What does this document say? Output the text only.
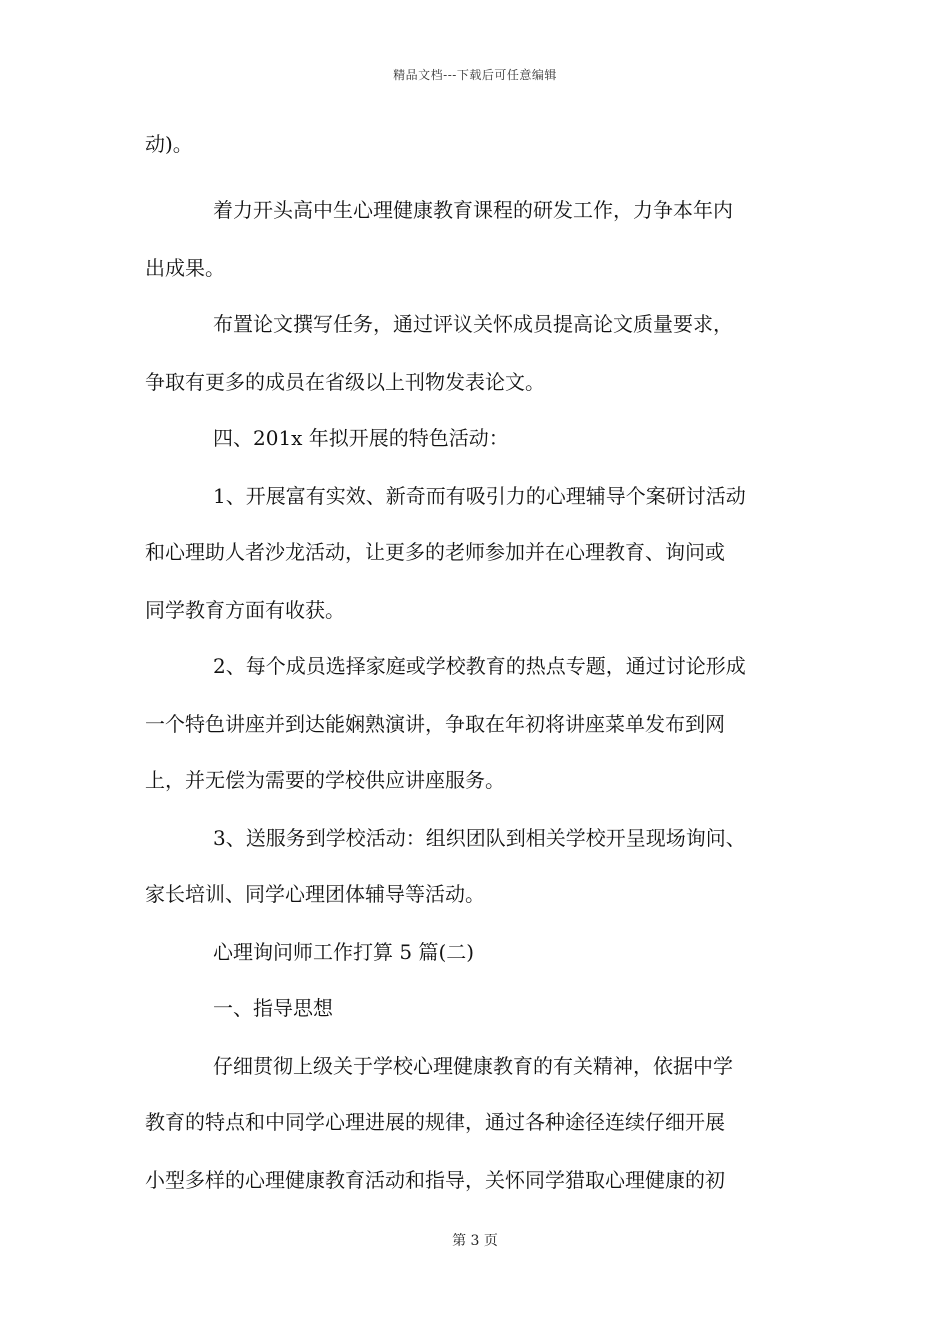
精品文档---下载后可任意编辑
动)。
着力开头高中生心理健康教育课程的研发工作，力争本年内
出成果。
布置论文撰写任务，通过评议关怀成员提高论文质量要求，
争取有更多的成员在省级以上刊物发表论文。
四、201x 年拟开展的特色活动：
1、开展富有实效、新奇而有吸引力的心理辅导个案研讨活动
和心理助人者沙龙活动，让更多的老师参加并在心理教育、询问或
同学教育方面有收获。
2、每个成员选择家庭或学校教育的热点专题，通过讨论形成
一个特色讲座并到达能娴熟演讲，争取在年初将讲座菜单发布到网
上，并无偿为需要的学校供应讲座服务。
3、送服务到学校活动：组织团队到相关学校开呈现场询问、
家长培训、同学心理团体辅导等活动。
心理询问师工作打算 5 篇(二)
一、指导思想
仔细贯彻上级关于学校心理健康教育的有关精神，依据中学
教育的特点和中同学心理进展的规律，通过各种途径连续仔细开展
小型多样的心理健康教育活动和指导，关怀同学猎取心理健康的初
第 3 页
